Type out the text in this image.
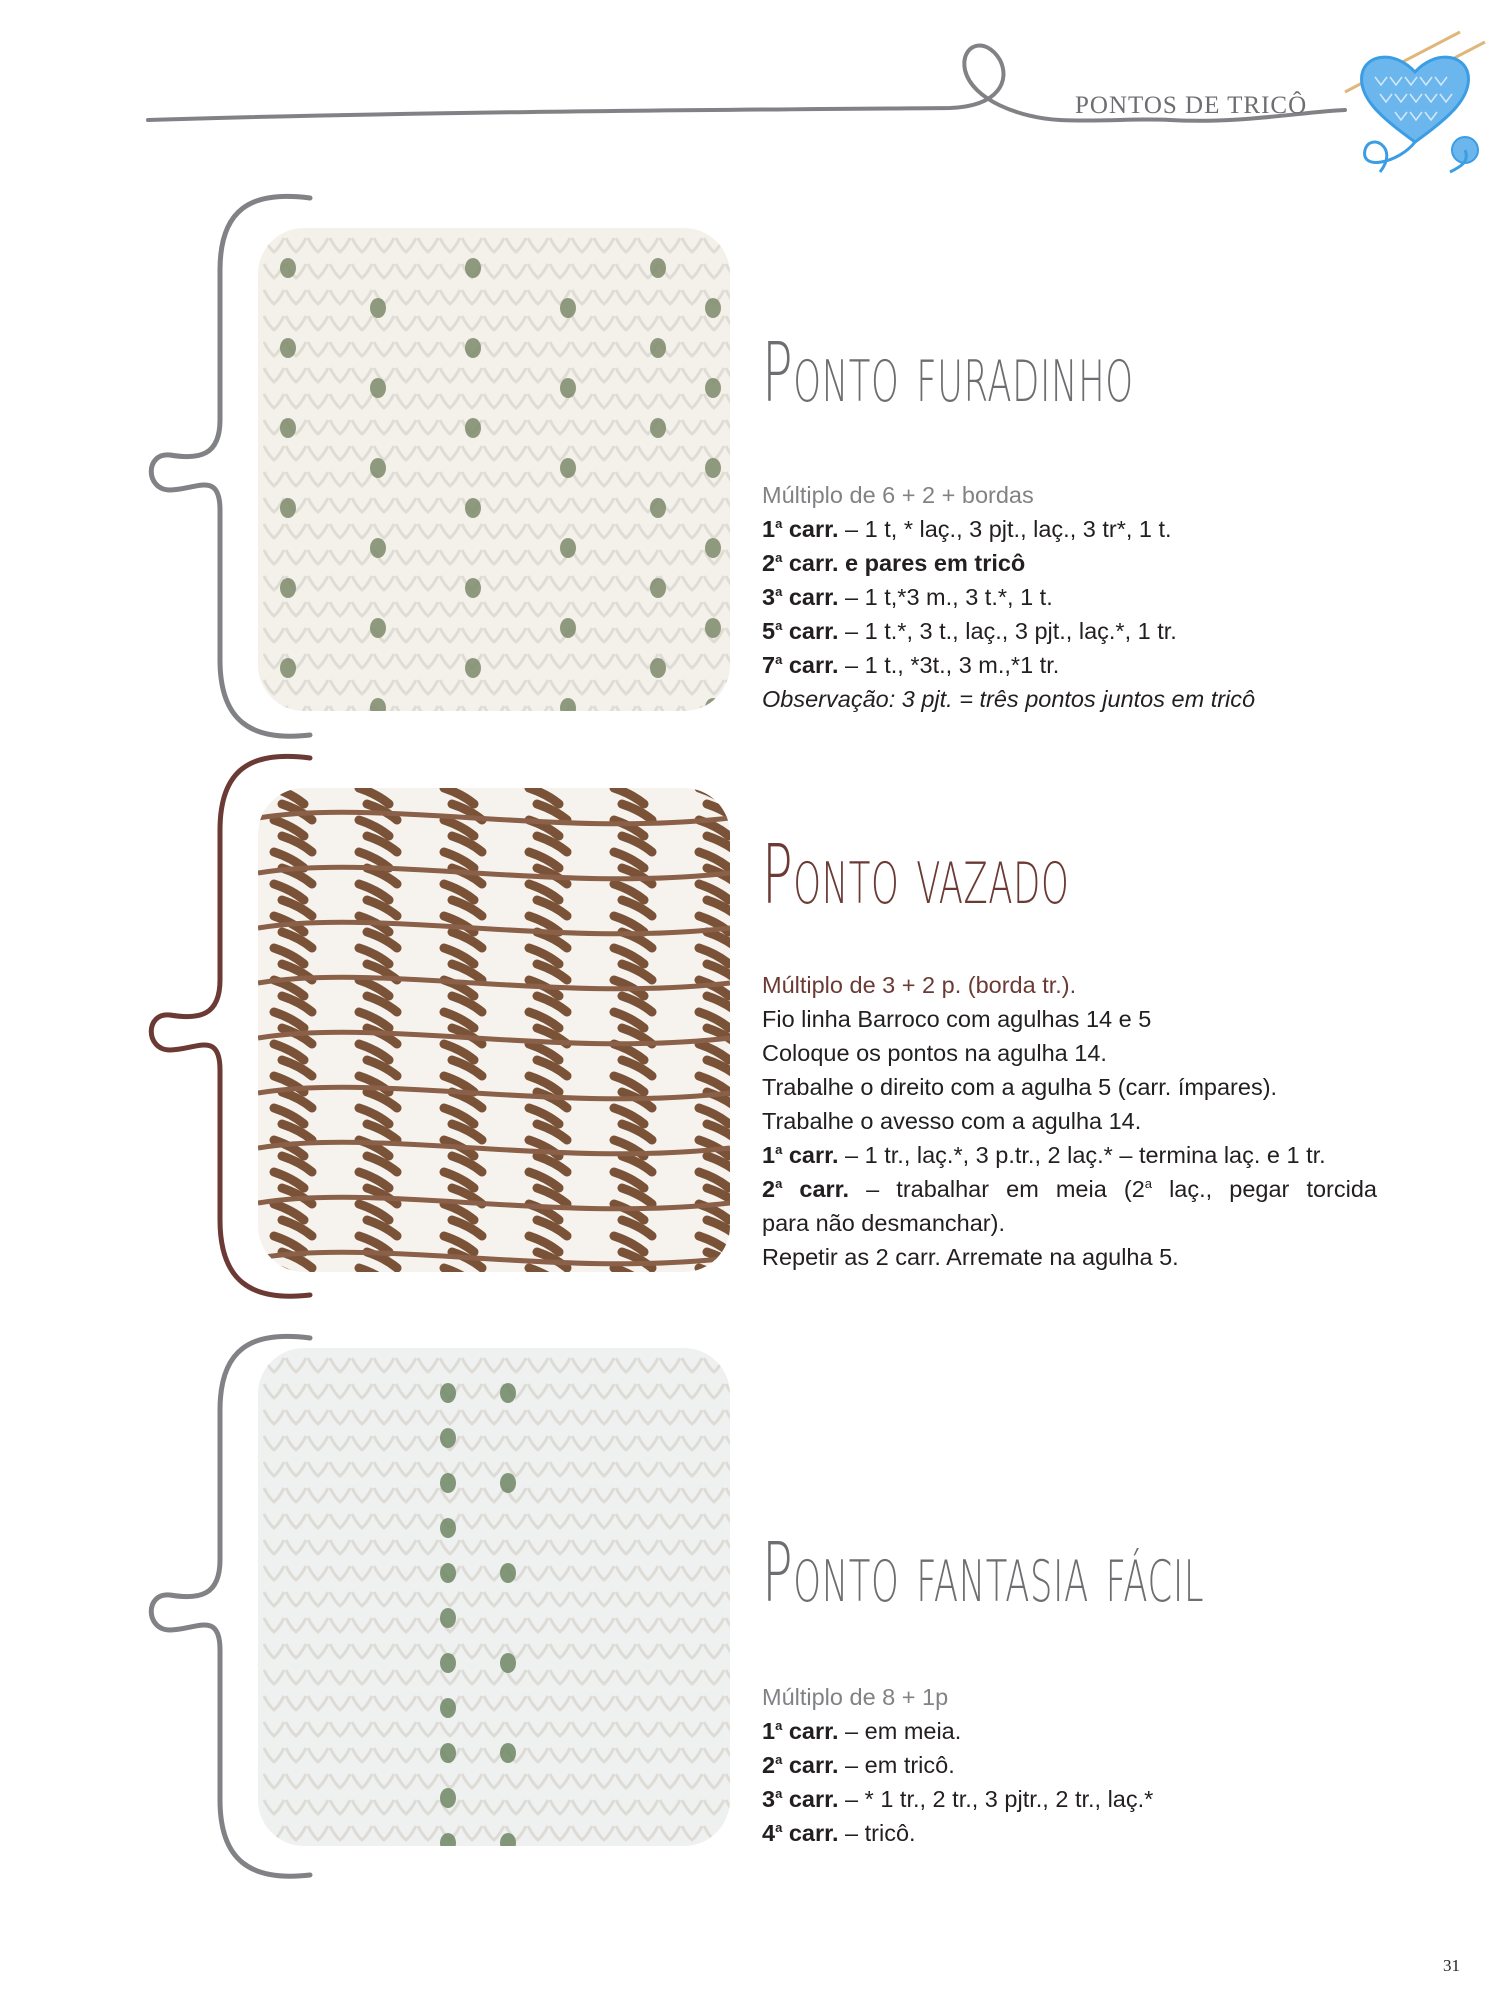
PONTOS DE TRICÔ
Ponto furadinho
Múltiplo de 6 + 2 + bordas
1$^a$ carr. – 1 t, * laç., 3 pjt., laç., 3 tr*, 1 t.
2$^a$ carr. e pares em tricô
3$^a$ carr. – 1 t,*3 m., 3 t.*, 1 t.
5$^a$ carr. – 1 t.*, 3 t., laç., 3 pjt., laç.*, 1 tr.
7$^a$ carr. – 1 t., *3t., 3 m.,*1 tr.
Observação: 3 pjt. = três pontos juntos em tricô
Ponto vazado
Múltiplo de 3 + 2 p. (borda tr.).
Fio linha Barroco com agulhas 14 e 5
Coloque os pontos na agulha 14.
Trabalhe o direito com a agulha 5 (carr. ímpares).
Trabalhe o avesso com a agulha 14.
1$^a$ carr. – 1 tr., laç.*, 3 p.tr., 2 laç.* – termina laç. e 1 tr.
2$^a$ carr. – trabalhar em meia (2$^a$ laç., pegar torcida
para não desmanchar).
Repetir as 2 carr. Arremate na agulha 5.
Ponto fantasia fácil
Múltiplo de 8 + 1p
1$^a$ carr. – em meia.
2$^a$ carr. – em tricô.
3$^a$ carr. – * 1 tr., 2 tr., 3 pjtr., 2 tr., laç.*
4$^a$ carr. – tricô.
31
